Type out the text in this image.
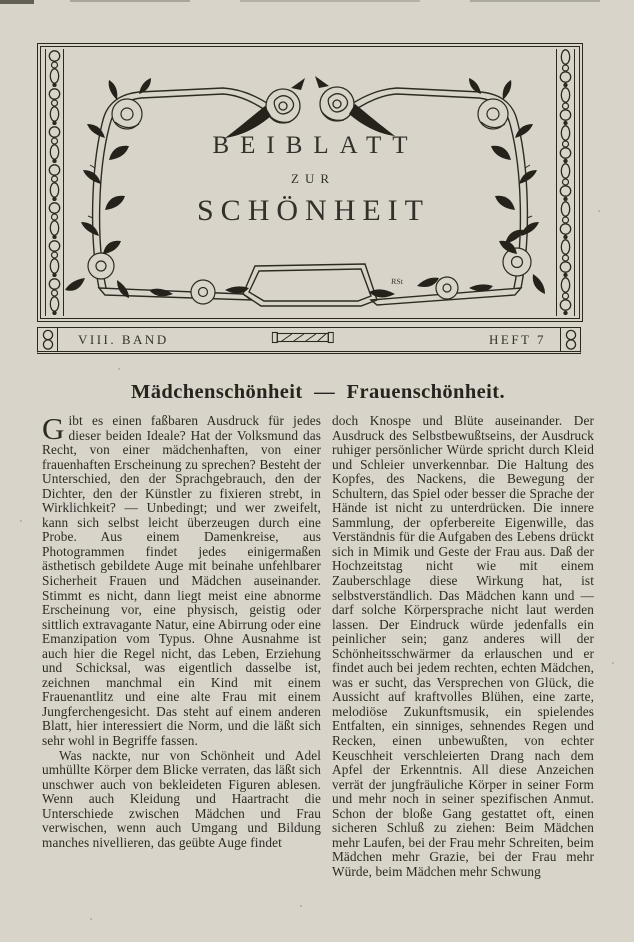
BEIBLATT
ZUR
SCHÖNHEIT
RSt
VIII. BAND	HEFT 7
Mädchenschönheit — Frauenschönheit.

Gibt es einen faßbaren Ausdruck für jedes dieser beiden Ideale? Hat der Volksmund das Recht, von einer mädchenhaften, von einer frauenhaften Erscheinung zu sprechen? Besteht der Unterschied, den der Sprachgebrauch, den der Dichter, den der Künstler zu fixieren strebt, in Wirklichkeit? — Unbedingt; und wer zweifelt, kann sich selbst leicht überzeugen durch eine Probe. Aus einem Damenkreise, aus Photogrammen findet jedes einigermaßen ästhetisch gebildete Auge mit beinahe unfehlbarer Sicherheit Frauen und Mädchen auseinander. Stimmt es nicht, dann liegt meist eine abnorme Erscheinung vor, eine physisch, geistig oder sittlich extravagante Natur, eine Abirrung oder eine Emanzipation vom Typus. Ohne Ausnahme ist auch hier die Regel nicht, das Leben, Erziehung und Schicksal, was eigentlich dasselbe ist, zeichnen manchmal ein Kind mit einem Frauenantlitz und eine alte Frau mit einem Jungferchengesicht. Das steht auf einem anderen Blatt, hier interessiert die Norm, und die läßt sich sehr wohl in Begriffe fassen.

Was nackte, nur von Schönheit und Adel umhüllte Körper dem Blicke verraten, das läßt sich unschwer auch von bekleideten Figuren ablesen. Wenn auch Kleidung und Haartracht die Unterschiede zwischen Mädchen und Frau verwischen, wenn auch Umgang und Bildung manches nivellieren, das geübte Auge findet

doch Knospe und Blüte auseinander. Der Ausdruck des Selbstbewußtseins, der Ausdruck ruhiger persönlicher Würde spricht durch Kleid und Schleier unverkennbar. Die Haltung des Kopfes, des Nackens, die Bewegung der Schultern, das Spiel oder besser die Sprache der Hände ist nicht zu unterdrücken. Die innere Sammlung, der opferbereite Eigenwille, das Verständnis für die Aufgaben des Lebens drückt sich in Mimik und Geste der Frau aus. Daß der Hochzeitstag nicht wie mit einem Zauberschlage diese Wirkung hat, ist selbstverständlich. Das Mädchen kann und — darf solche Körpersprache nicht laut werden lassen. Der Eindruck würde jedenfalls ein peinlicher sein; ganz anderes will der Schönheitsschwärmer da erlauschen und er findet auch bei jedem rechten, echten Mädchen, was er sucht, das Versprechen von Glück, die Aussicht auf kraftvolles Blühen, eine zarte, melodiöse Zukunftsmusik, ein spielendes Entfalten, ein sinniges, sehnendes Regen und Recken, einen unbewußten, von echter Keuschheit verschleierten Drang nach dem Apfel der Erkenntnis. All diese Anzeichen verrät der jungfräuliche Körper in seiner Form und mehr noch in seiner spezifischen Anmut. Schon der bloße Gang gestattet oft, einen sicheren Schluß zu ziehen: Beim Mädchen mehr Laufen, bei der Frau mehr Schreiten, beim Mädchen mehr Grazie, bei der Frau mehr Würde, beim Mädchen mehr Schwung
